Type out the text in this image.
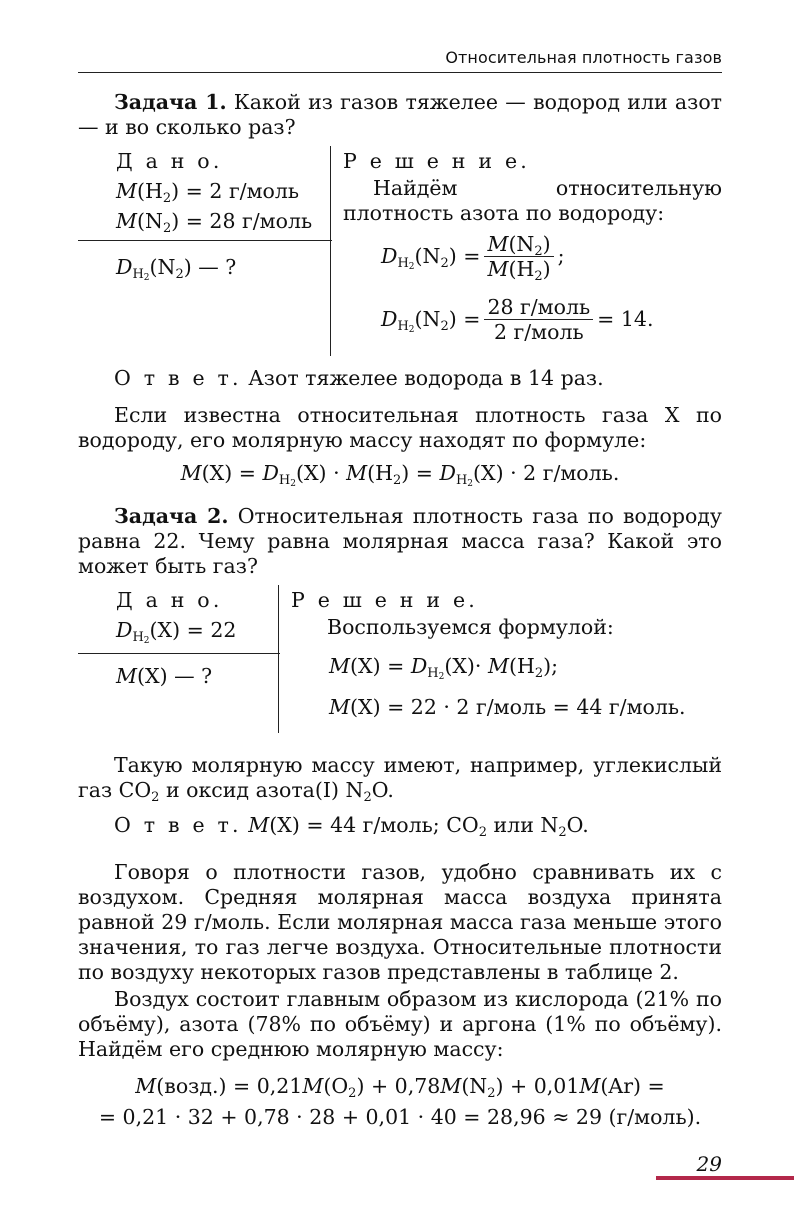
Относительная плотность газов

Задача 1. Какой из газов тяжелее — водород или азот — и во сколько раз?

Д а н о.
$M(H_2) = 2$ г/моль
$M(N_2) = 28$ г/моль
$D_{H_2}(N_2)$ — ?
Р е ш е н и е.

Найдём относительную плотность азота по водороду:

$D_{H_2}(N_2) = \frac{M(N_2)}{M(H_2)}$ ;
$D_{H_2}(N_2) = \frac{\text{28 г/моль}}{\text{2 г/моль}} = 14$.

О т в е т. Азот тяжелее водорода в 14 раз.

Если известна относительная плотность газа X по водороду, его молярную массу находят по формуле:

$M(X) = D_{H_2}(X) \cdot M(H_2) = D_{H_2}(X) \cdot 2$ г/моль.

Задача 2. Относительная плотность газа по водороду равна 22. Чему равна молярная масса газа? Какой это может быть газ?

Д а н о.
$D_{H_2}(X) = 22$
M(X) — ?
Р е ш е н и е.

Воспользуемся формулой:

$M(X) = D_{H_2}(X)\cdot M(H_2)$;
M(X) = 22 · 2 г/моль = 44 г/моль.

Такую молярную массу имеют, например, углекислый газ $CO_2$ и оксид азота(I) $N_2O$.

О т в е т. M(X) = 44 г/моль; $CO_2$ или $N_2O$.

Говоря о плотности газов, удобно сравнивать их с воздухом. Средняя молярная масса воздуха принята равной 29 г/моль. Если молярная масса газа меньше этого значения, то газ легче воздуха. Относительные плотности по воздуху некоторых газов представлены в таблице 2.

Воздух состоит главным образом из кислорода (21% по объёму), азота (78% по объёму) и аргона (1% по объёму). Найдём его среднюю молярную массу:

M(возд.) = $0,21M(O_2) + 0,78M(N_2) + 0,01M(Ar)$ =

= 0,21 · 32 + 0,78 · 28 + 0,01 · 40 = 28,96 ≈ 29 (г/моль).

29
